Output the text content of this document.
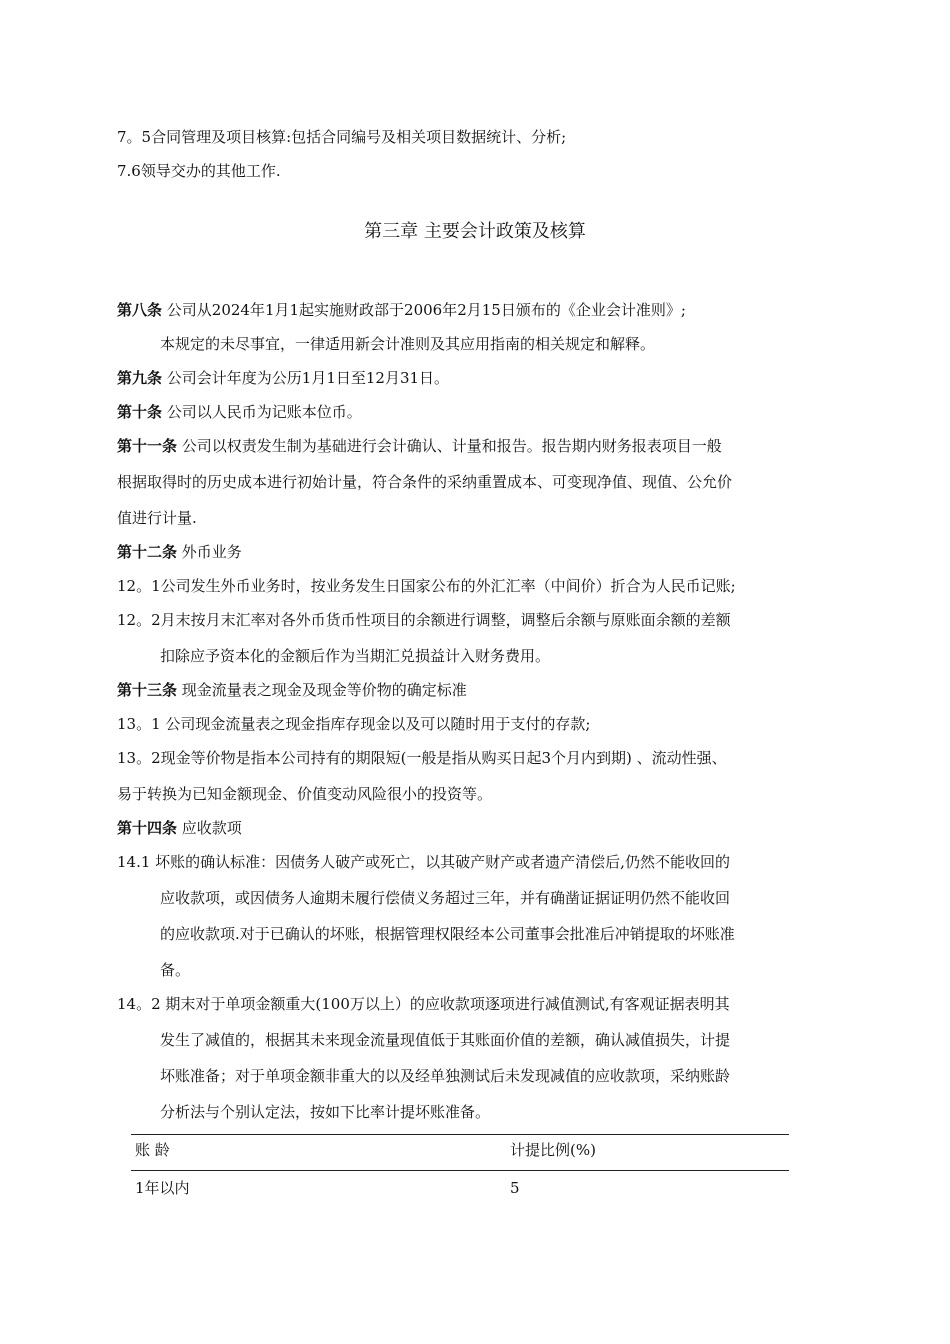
7。5合同管理及项目核算:包括合同编号及相关项目数据统计、分析;
7.6领导交办的其他工作.
第三章 主要会计政策及核算
第八条 公司从2024年1月1起实施财政部于2006年2月15日颁布的《企业会计准则》;
本规定的未尽事宜，一律适用新会计准则及其应用指南的相关规定和解释。
第九条 公司会计年度为公历1月1日至12月31日。
第十条 公司以人民币为记账本位币。
第十一条 公司以权责发生制为基础进行会计确认、计量和报告。报告期内财务报表项目一般
根据取得时的历史成本进行初始计量，符合条件的采纳重置成本、可变现净值、现值、公允价
值进行计量.
第十二条 外币业务
12。1公司发生外币业务时，按业务发生日国家公布的外汇汇率（中间价）折合为人民币记账;
12。2月末按月末汇率对各外币货币性项目的余额进行调整，调整后余额与原账面余额的差额
扣除应予资本化的金额后作为当期汇兑损益计入财务费用。
第十三条 现金流量表之现金及现金等价物的确定标准
13。1 公司现金流量表之现金指库存现金以及可以随时用于支付的存款;
13。2现金等价物是指本公司持有的期限短(一般是指从购买日起3个月内到期) 、流动性强、
易于转换为已知金额现金、价值变动风险很小的投资等。
第十四条 应收款项
14.1 坏账的确认标准：因债务人破产或死亡，以其破产财产或者遗产清偿后,仍然不能收回的
应收款项，或因债务人逾期未履行偿债义务超过三年，并有确凿证据证明仍然不能收回
的应收款项.对于已确认的坏账，根据管理权限经本公司董事会批准后冲销提取的坏账准
备。
14。2 期末对于单项金额重大(100万以上）的应收款项逐项进行减值测试,有客观证据表明其
发生了减值的，根据其未来现金流量现值低于其账面价值的差额，确认减值损失，计提
坏账准备；对于单项金额非重大的以及经单独测试后未发现减值的应收款项，采纳账龄
分析法与个别认定法，按如下比率计提坏账准备。
账 龄	计提比例(%)
1年以内	5
